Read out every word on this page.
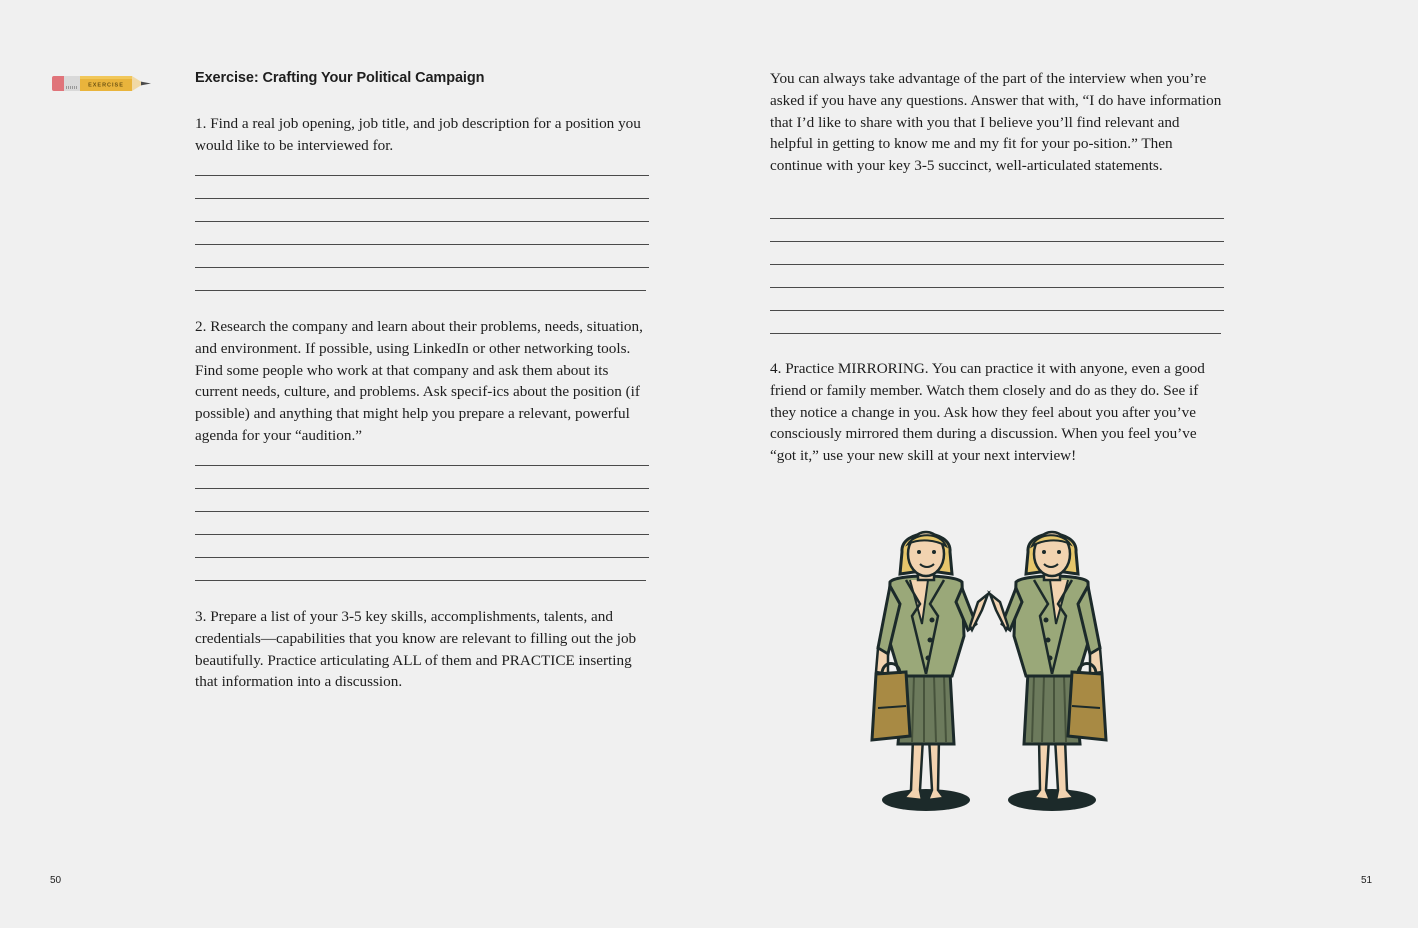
EXERCISE	Exercise: Crafting Your Political Campaign

1. Find a real job opening, job title, and job description for a position you would like to be interviewed for.

2. Research the company and learn about their problems, needs, situation, and environment. If possible, using LinkedIn or other networking tools. Find some people who work at that company and ask them about its current needs, culture, and problems. Ask specif-ics about the position (if possible) and anything that might help you prepare a relevant, powerful agenda for your “audition.”

3. Prepare a list of your 3-5 key skills, accomplishments, talents, and credentials—capabilities that you know are relevant to filling out the job beautifully. Practice articulating ALL of them and PRACTICE inserting that information into a discussion.

You can always take advantage of the part of the interview when you’re asked if you have any questions. Answer that with, “I do have information that I’d like to share with you that I believe you’ll find relevant and helpful in getting to know me and my fit for your po-sition.” Then continue with your key 3-5 succinct, well-articulated statements.

4. Practice MIRRORING. You can practice it with anyone, even a good friend or family member. Watch them closely and do as they do. See if they notice a change in you. Ask how they feel about you after you’ve consciously mirrored them during a discussion. When you feel you’ve “got it,” use your new skill at your next interview!

50	51
